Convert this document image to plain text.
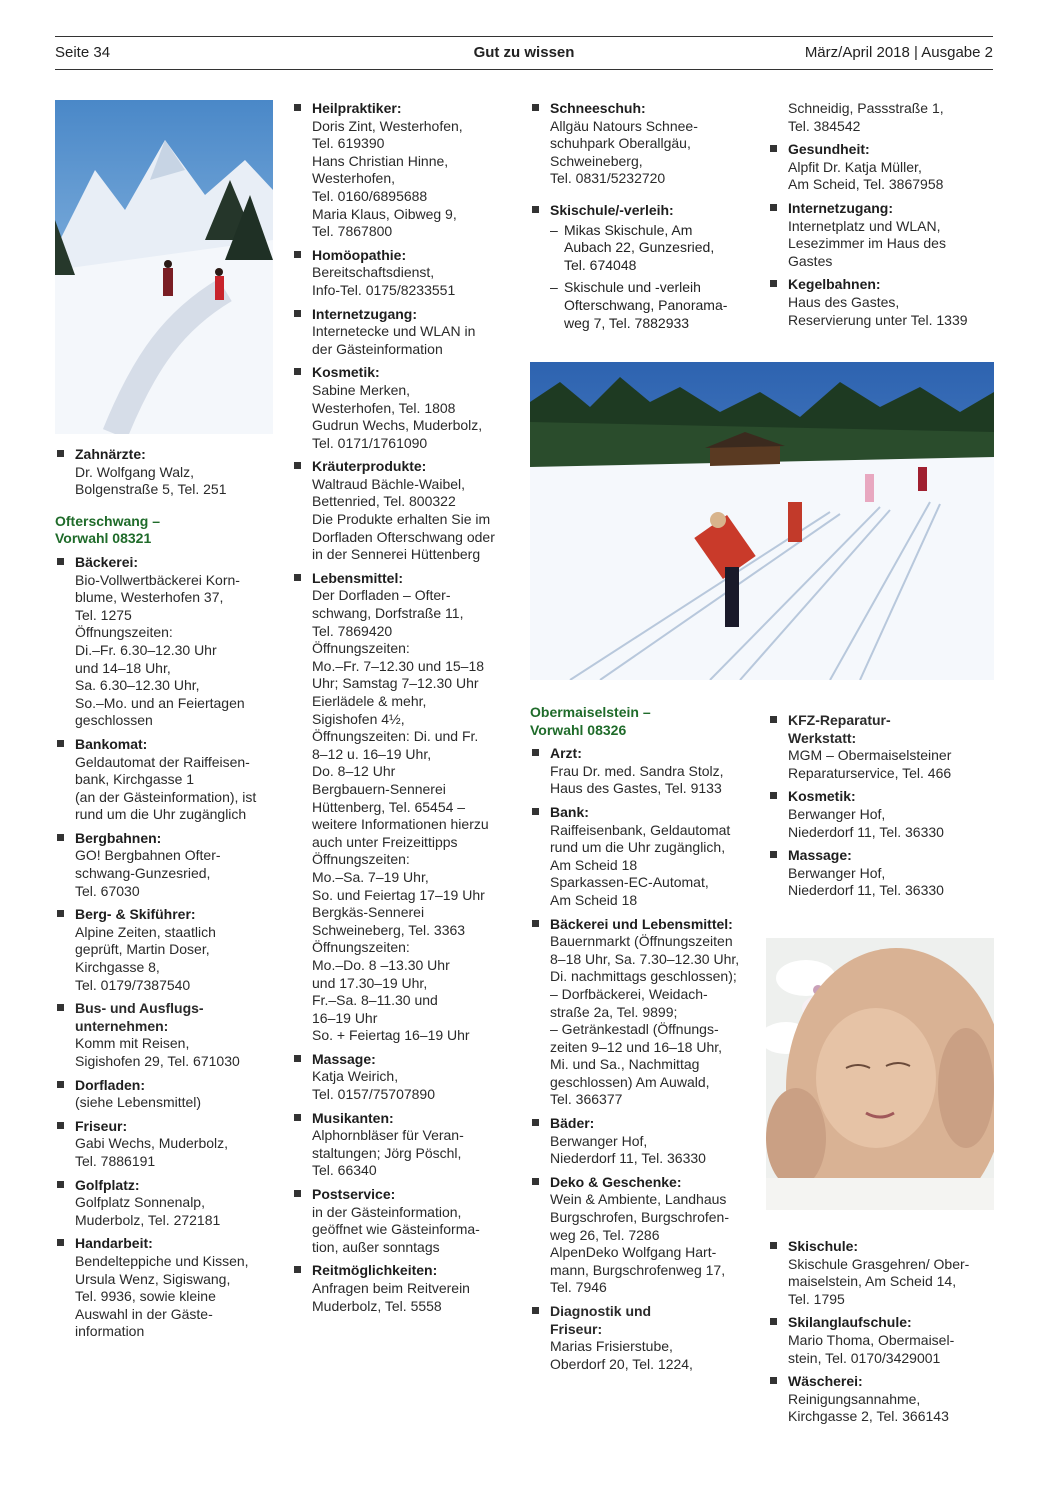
Seite 34	Gut zu wissen	März/April 2018 | Ausgabe 2
Zahnärzte:
Dr. Wolfgang Walz,
Bolgenstraße 5, Tel. 251
Ofterschwang –
Vorwahl 08321
Bäckerei:
Bio-Vollwertbäckerei Korn-
blume, Westerhofen 37,
Tel. 1275
Öffnungszeiten:
Di.–Fr. 6.30–12.30 Uhr
und 14–18 Uhr,
Sa. 6.30–12.30 Uhr,
So.–Mo. und an Feiertagen
geschlossen
Bankomat:
Geldautomat der Raiffeisen-
bank, Kirchgasse 1
(an der Gästeinformation), ist
rund um die Uhr zugänglich
Bergbahnen:
GO! Bergbahnen Ofter-
schwang-Gunzesried,
Tel. 67030
Berg- & Skiführer:
Alpine Zeiten, staatlich
geprüft, Martin Doser,
Kirchgasse 8,
Tel. 0179/7387540
Bus- und Ausflugs-
unternehmen:
Komm mit Reisen,
Sigishofen 29, Tel. 671030
Dorfladen:
(siehe Lebensmittel)
Friseur:
Gabi Wechs, Muderbolz,
Tel. 7886191
Golfplatz:
Golfplatz Sonnenalp,
Muderbolz, Tel. 272181
Handarbeit:
Bendelteppiche und Kissen,
Ursula Wenz, Sigiswang,
Tel. 9936, sowie kleine
Auswahl in der Gäste-
information
Heilpraktiker:
Doris Zint, Westerhofen,
Tel. 619390
Hans Christian Hinne,
Westerhofen,
Tel. 0160/6895688
Maria Klaus, Oibweg 9,
Tel. 7867800
Homöopathie:
Bereitschaftsdienst,
Info-Tel. 0175/8233551
Internetzugang:
Internetecke und WLAN in
der Gästeinformation
Kosmetik:
Sabine Merken,
Westerhofen, Tel. 1808
Gudrun Wechs, Muderbolz,
Tel. 0171/1761090
Kräuterprodukte:
Waltraud Bächle-Waibel,
Bettenried, Tel. 800322
Die Produkte erhalten Sie im
Dorfladen Ofterschwang oder
in der Sennerei Hüttenberg
Lebensmittel:
Der Dorfladen – Ofter-
schwang, Dorfstraße 11,
Tel. 7869420
Öffnungszeiten:
Mo.–Fr. 7–12.30 und 15–18
Uhr; Samstag 7–12.30 Uhr
Eierlädele & mehr,
Sigishofen 4½,
Öffnungszeiten: Di. und Fr.
8–12 u. 16–19 Uhr,
Do. 8–12 Uhr
Bergbauern-Sennerei
Hüttenberg, Tel. 65454 –
weitere Informationen hierzu
auch unter Freizeittipps
Öffnungszeiten:
Mo.–Sa. 7–19 Uhr,
So. und Feiertag 17–19 Uhr
Bergkäs-Sennerei
Schweineberg, Tel. 3363
Öffnungszeiten:
Mo.–Do. 8 –13.30 Uhr
und 17.30–19 Uhr,
Fr.–Sa. 8–11.30 und
16–19 Uhr
So. + Feiertag 16–19 Uhr
Massage:
Katja Weirich,
Tel. 0157/75707890
Musikanten:
Alphornbläser für Veran-
staltungen; Jörg Pöschl,
Tel. 66340
Postservice:
in der Gästeinformation,
geöffnet wie Gästeinforma-
tion, außer sonntags
Reitmöglichkeiten:
Anfragen beim Reitverein
Muderbolz, Tel. 5558
Schneeschuh:
Allgäu Natours Schnee-
schuhpark Oberallgäu,
Schweineberg,
Tel. 0831/5232720
Skischule/-verleih:
– Mikas Skischule, Am
Aubach 22, Gunzesried,
Tel. 674048
– Skischule und -verleih
Ofterschwang, Panorama-
weg 7, Tel. 7882933
Schneidig, Passstraße 1,
Tel. 384542
Gesundheit:
Alpfit Dr. Katja Müller,
Am Scheid, Tel. 3867958
Internetzugang:
Internetplatz und WLAN,
Lesezimmer im Haus des
Gastes
Kegelbahnen:
Haus des Gastes,
Reservierung unter Tel. 1339
Obermaiselstein –
Vorwahl 08326
Arzt:
Frau Dr. med. Sandra Stolz,
Haus des Gastes, Tel. 9133
Bank:
Raiffeisenbank, Geldautomat
rund um die Uhr zugänglich,
Am Scheid 18
Sparkassen-EC-Automat,
Am Scheid 18
Bäckerei und Lebensmittel:
Bauernmarkt (Öffnungszeiten
8–18 Uhr, Sa. 7.30–12.30 Uhr,
Di. nachmittags geschlossen);
– Dorfbäckerei, Weidach-
straße 2a, Tel. 9899;
– Getränkestadl (Öffnungs-
zeiten 9–12 und 16–18 Uhr,
Mi. und Sa., Nachmittag
geschlossen) Am Auwald,
Tel. 366377
Bäder:
Berwanger Hof,
Niederdorf 11, Tel. 36330
Deko & Geschenke:
Wein & Ambiente, Landhaus
Burgschrofen, Burgschrofen-
weg 26, Tel. 7286
AlpenDeko Wolfgang Hart-
mann, Burgschrofenweg 17,
Tel. 7946
Diagnostik und
Friseur:
Marias Frisierstube,
Oberdorf 20, Tel. 1224,
KFZ-Reparatur-
Werkstatt:
MGM – Obermaiselsteiner
Reparaturservice, Tel. 466
Kosmetik:
Berwanger Hof,
Niederdorf 11, Tel. 36330
Massage:
Berwanger Hof,
Niederdorf 11, Tel. 36330
Skischule:
Skischule Grasgehren/ Ober-
maiselstein, Am Scheid 14,
Tel. 1795
Skilanglaufschule:
Mario Thoma, Obermaisel-
stein, Tel. 0170/3429001
Wäscherei:
Reinigungsannahme,
Kirchgasse 2, Tel. 366143
